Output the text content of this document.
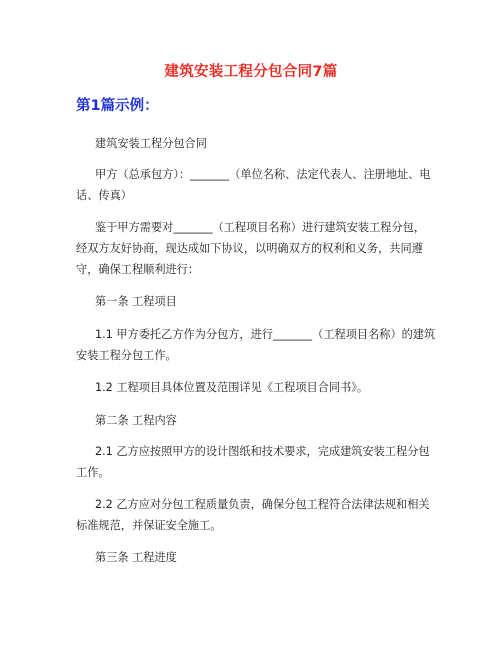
建筑安装工程分包合同7篇
第1篇示例：

建筑安装工程分包合同

甲方（总承包方）：_______（单位名称、法定代表人、注册地址、电话、传真）

鉴于甲方需要对_______（工程项目名称）进行建筑安装工程分包，经双方友好协商，现达成如下协议，以明确双方的权利和义务，共同遵守，确保工程顺利进行：

第一条 工程项目

1.1 甲方委托乙方作为分包方，进行_______（工程项目名称）的建筑安装工程分包工作。

1.2 工程项目具体位置及范围详见《工程项目合同书》。

第二条 工程内容

2.1 乙方应按照甲方的设计图纸和技术要求，完成建筑安装工程分包工作。

2.2 乙方应对分包工程质量负责，确保分包工程符合法律法规和相关标准规范，并保证安全施工。

第三条 工程进度
